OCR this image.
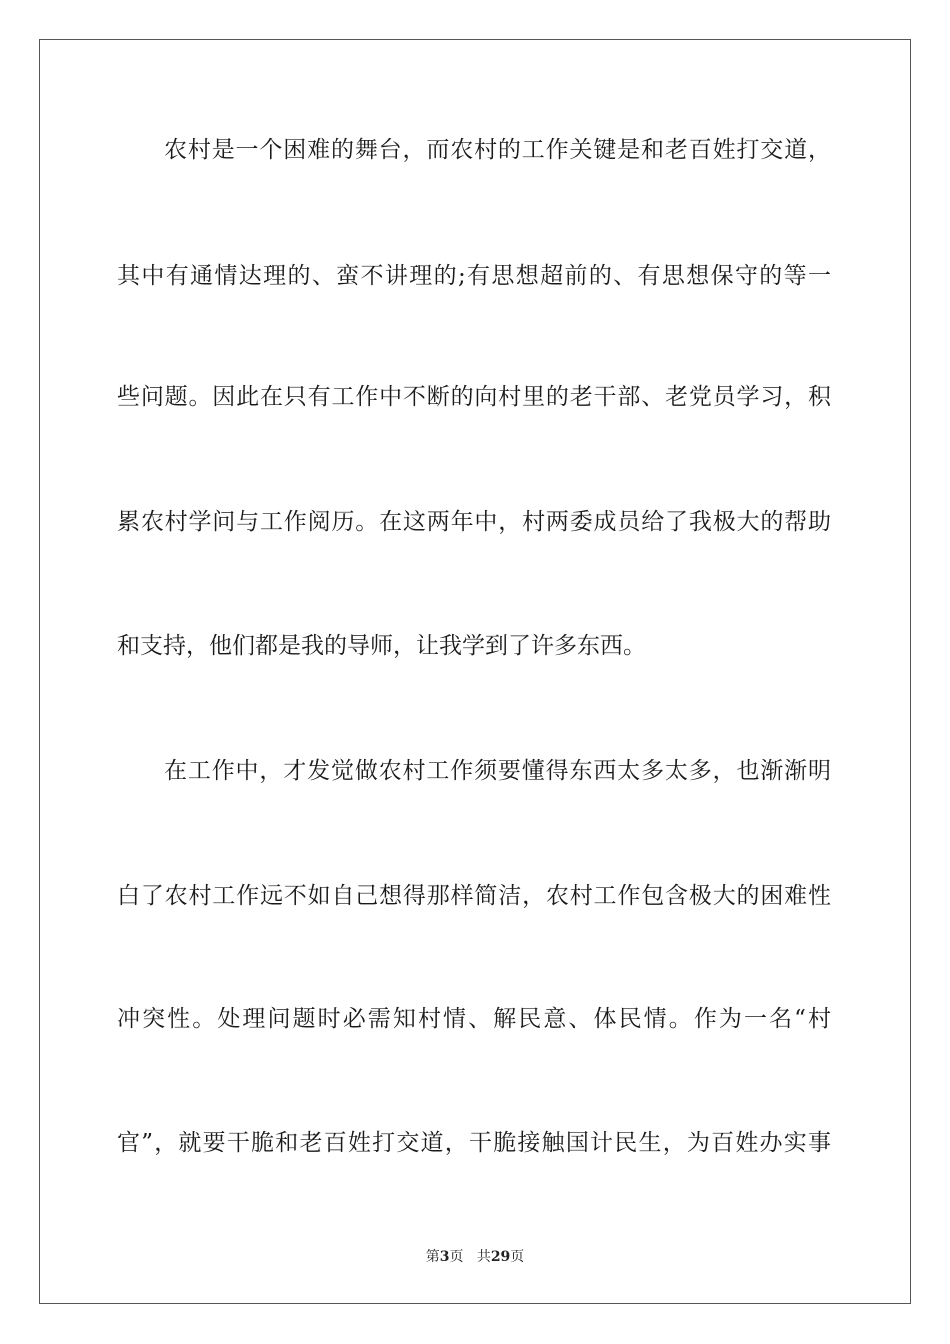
农村是一个困难的舞台，而农村的工作关键是和老百姓打交道，
其中有通情达理的、蛮不讲理的;有思想超前的、有思想保守的等一
些问题。因此在只有工作中不断的向村里的老干部、老党员学习，积
累农村学问与工作阅历。在这两年中，村两委成员给了我极大的帮助
和支持，他们都是我的导师，让我学到了许多东西。
在工作中，才发觉做农村工作须要懂得东西太多太多，也渐渐明
白了农村工作远不如自己想得那样简洁，农村工作包含极大的困难性
冲突性。处理问题时必需知村情、解民意、体民情。作为一名“村
官”，就要干脆和老百姓打交道，干脆接触国计民生，为百姓办实事
第3页 共29页
